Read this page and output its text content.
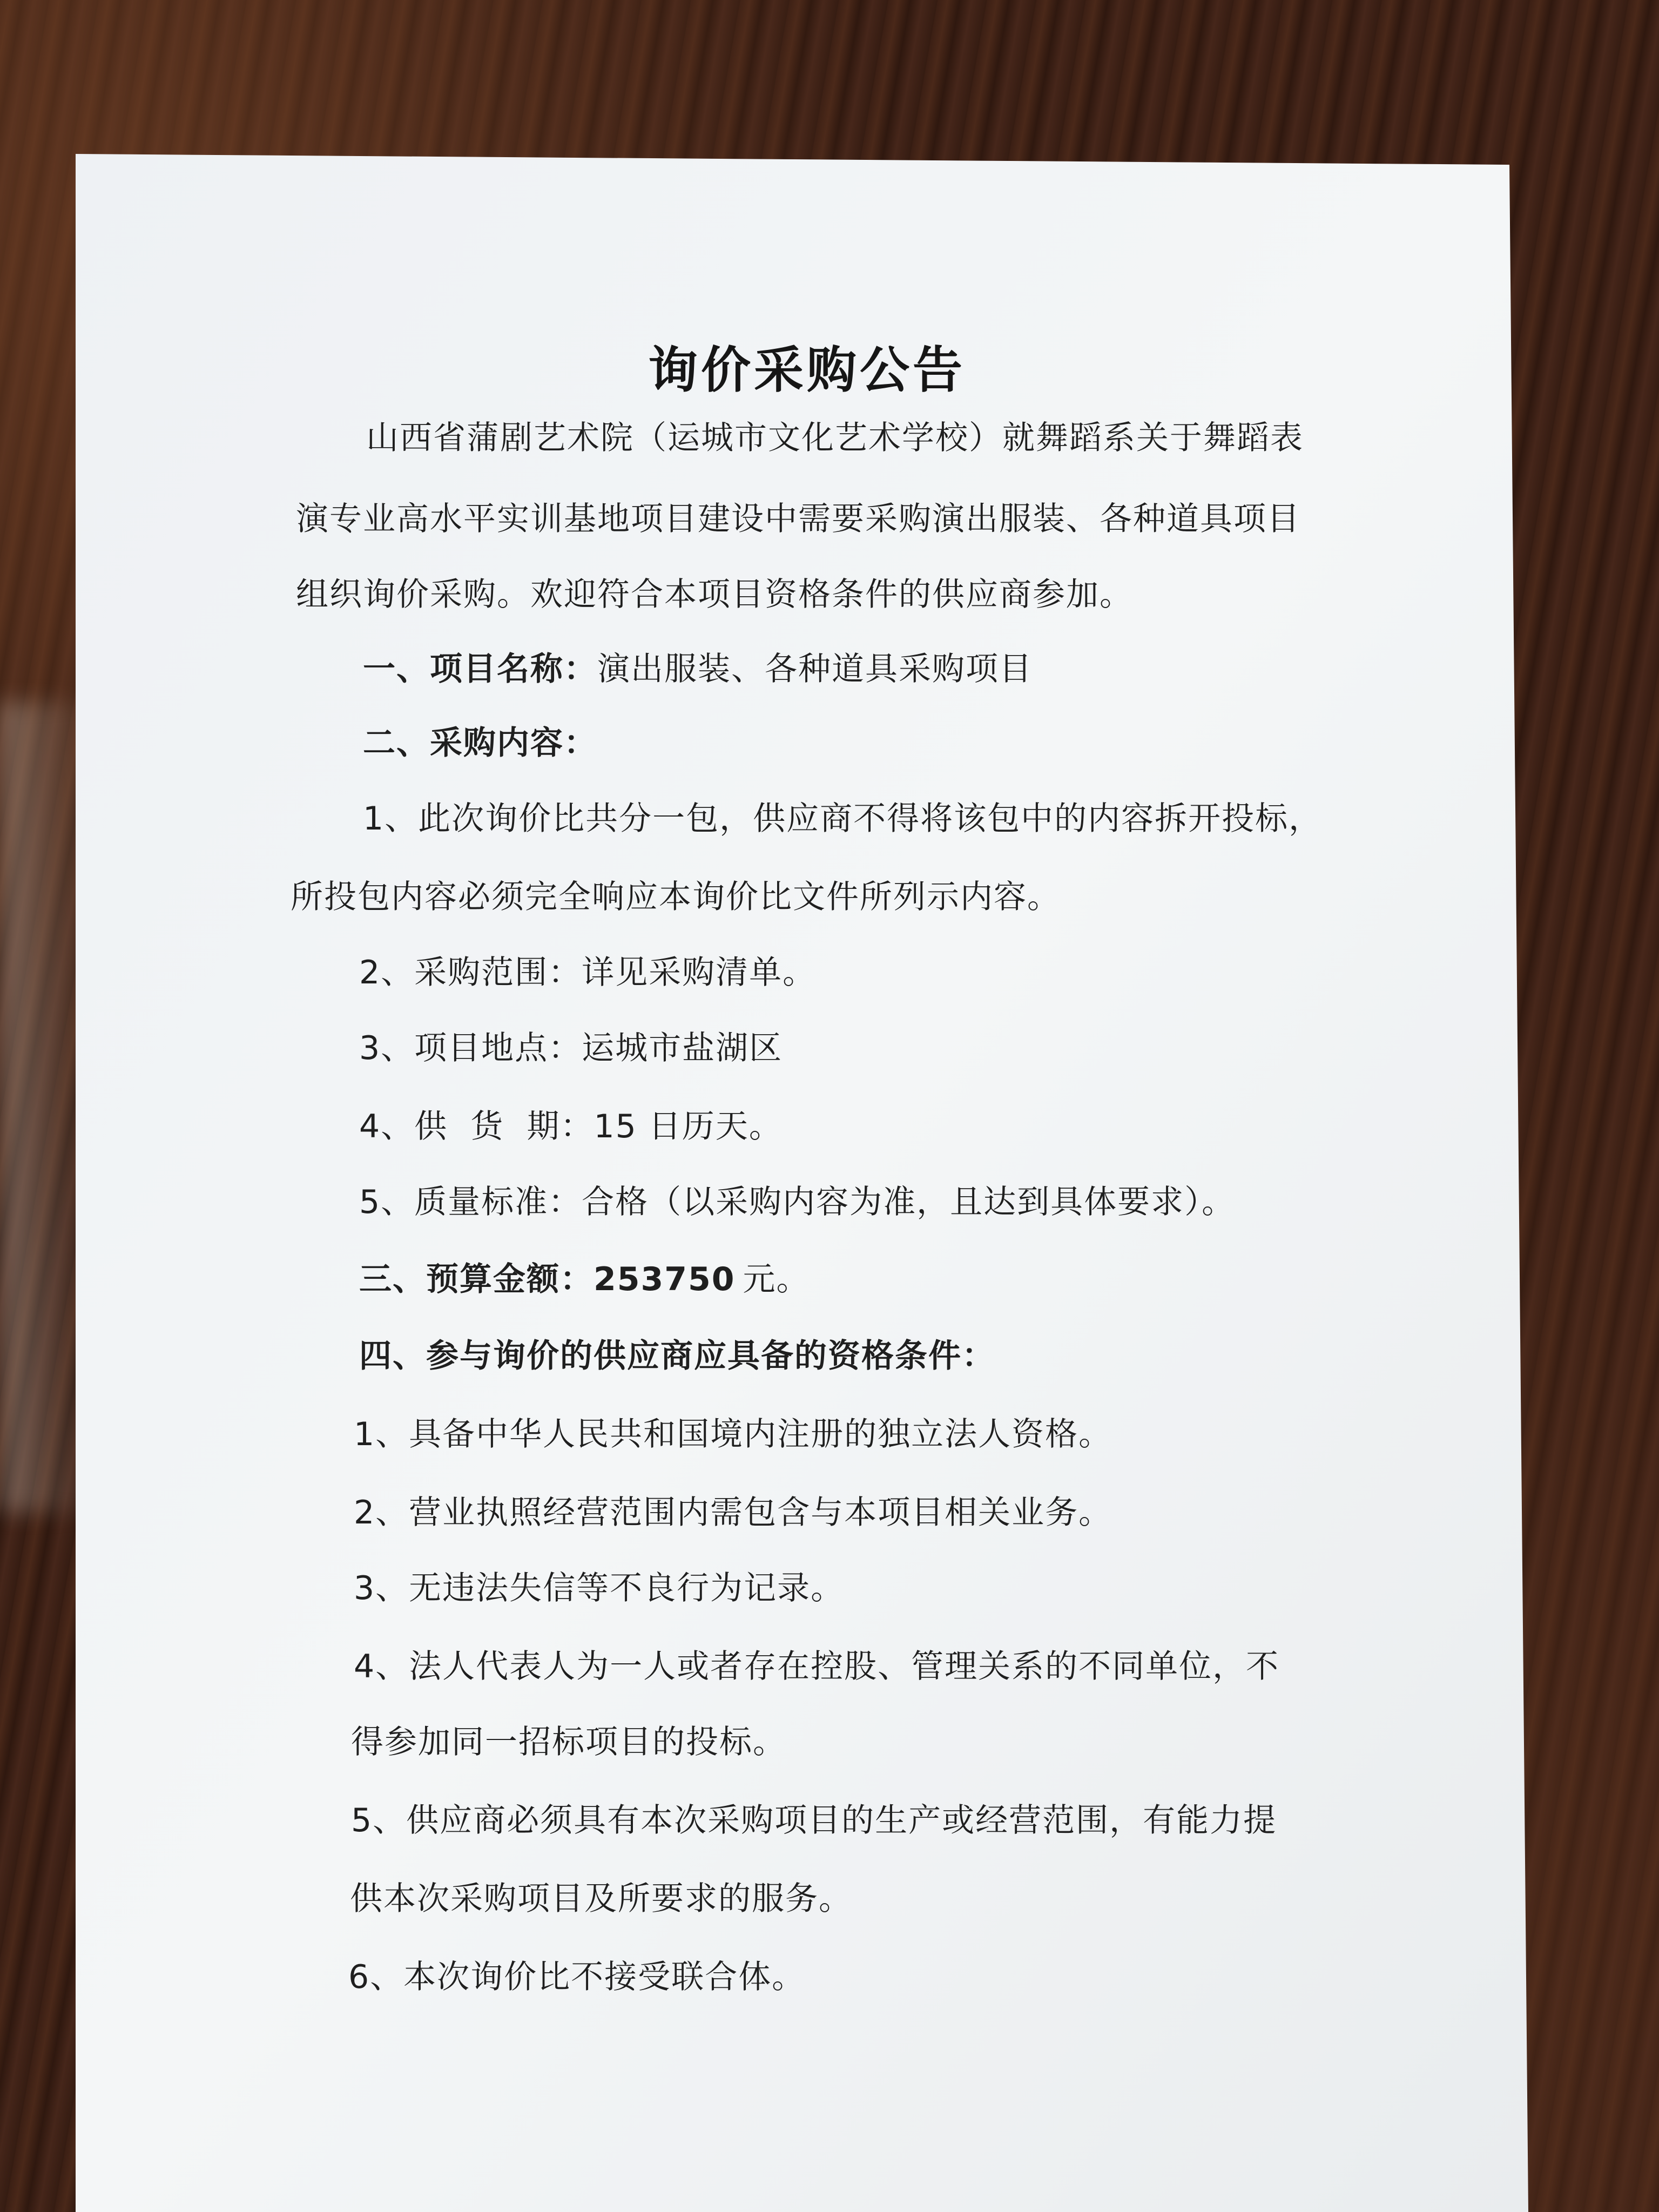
询价采购公告
山西省蒲剧艺术院（运城市文化艺术学校）就舞蹈系关于舞蹈表
演专业高水平实训基地项目建设中需要采购演出服装、各种道具项目
组织询价采购。欢迎符合本项目资格条件的供应商参加。
一、项目名称：演出服装、各种道具采购项目
二、采购内容：
1、此次询价比共分一包，供应商不得将该包中的内容拆开投标，
所投包内容必须完全响应本询价比文件所列示内容。
2、采购范围：详见采购清单。
3、项目地点：运城市盐湖区
4、供  货  期：15 日历天。
5、质量标准：合格（以采购内容为准，且达到具体要求）。
三、预算金额：253750 元。
四、参与询价的供应商应具备的资格条件：
1、具备中华人民共和国境内注册的独立法人资格。
2、营业执照经营范围内需包含与本项目相关业务。
3、无违法失信等不良行为记录。
4、法人代表人为一人或者存在控股、管理关系的不同单位，不
得参加同一招标项目的投标。
5、供应商必须具有本次采购项目的生产或经营范围，有能力提
供本次采购项目及所要求的服务。
6、本次询价比不接受联合体。
